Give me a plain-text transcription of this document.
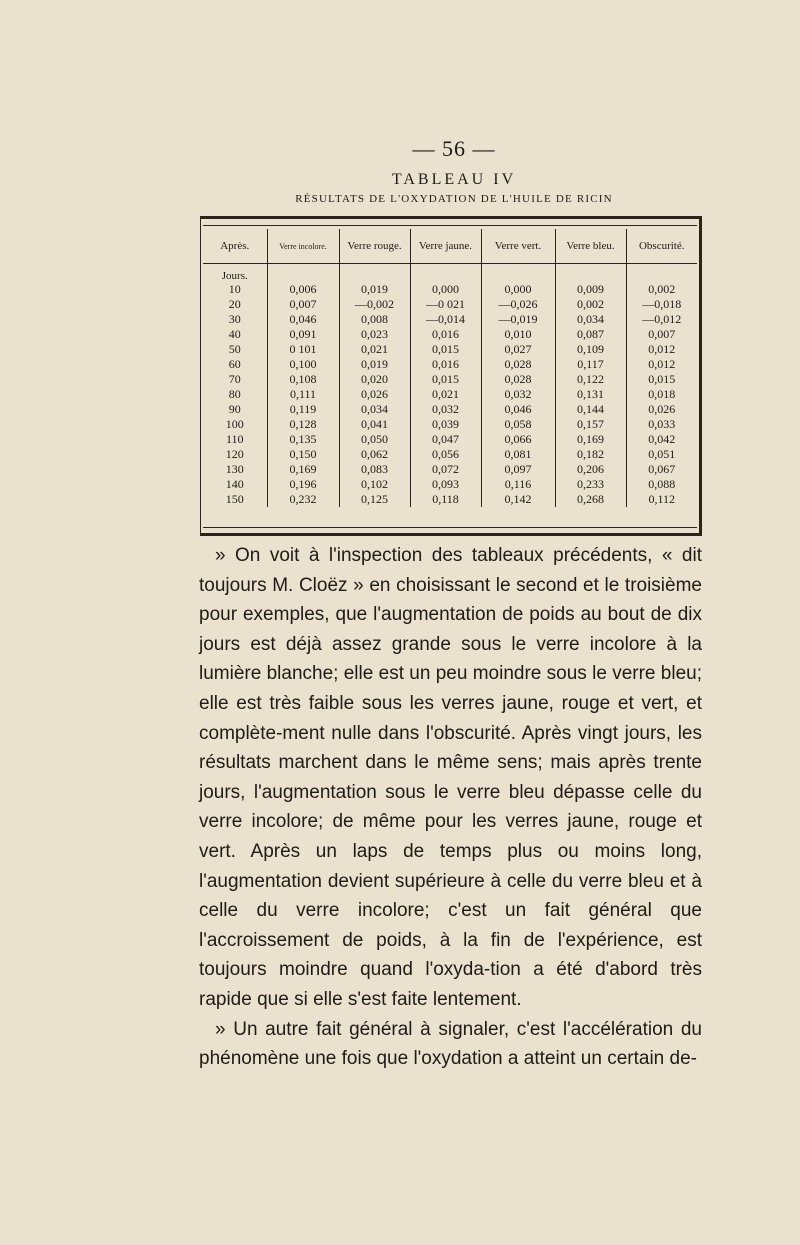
— 56 —
TABLEAU IV
RÉSULTATS DE L'OXYDATION DE L'HUILE DE RICIN
Après.	Verre incolore.	Verre rouge.	Verre jaune.	Verre vert.	Verre bleu.	Obscurité.

Jours.						
10	0,006	0,019	0,000	0,000	0,009	0,002
20	0,007	—0,002	—0 021	—0,026	0,002	—0,018
30	0,046	0,008	—0,014	—0,019	0,034	—0,012
40	0,091	0,023	0,016	0,010	0,087	0,007
50	0 101	0,021	0,015	0,027	0,109	0,012
60	0,100	0,019	0,016	0,028	0,117	0,012
70	0,108	0,020	0,015	0,028	0,122	0,015
80	0,111	0,026	0,021	0,032	0,131	0,018
90	0,119	0,034	0,032	0,046	0,144	0,026
100	0,128	0,041	0,039	0,058	0,157	0,033
110	0,135	0,050	0,047	0,066	0,169	0,042
120	0,150	0,062	0,056	0,081	0,182	0,051
130	0,169	0,083	0,072	0,097	0,206	0,067
140	0,196	0,102	0,093	0,116	0,233	0,088
150	0,232	0,125	0,118	0,142	0,268	0,112

» On voit à l'inspection des tableaux précédents, « dit toujours M. Cloëz » en choisissant le second et le troisième pour exemples, que l'augmentation de poids au bout de dix jours est déjà assez grande sous le verre incolore à la lumière blanche; elle est un peu moindre sous le verre bleu; elle est très faible sous les verres jaune, rouge et vert, et complète-ment nulle dans l'obscurité. Après vingt jours, les résultats marchent dans le même sens; mais après trente jours, l'augmentation sous le verre bleu dépasse celle du verre incolore; de même pour les verres jaune, rouge et vert. Après un laps de temps plus ou moins long, l'augmentation devient supérieure à celle du verre bleu et à celle du verre incolore; c'est un fait général que l'accroissement de poids, à la fin de l'expérience, est toujours moindre quand l'oxyda-tion a été d'abord très rapide que si elle s'est faite lentement.

» Un autre fait général à signaler, c'est l'accélération du phénomène une fois que l'oxydation a atteint un certain de-
